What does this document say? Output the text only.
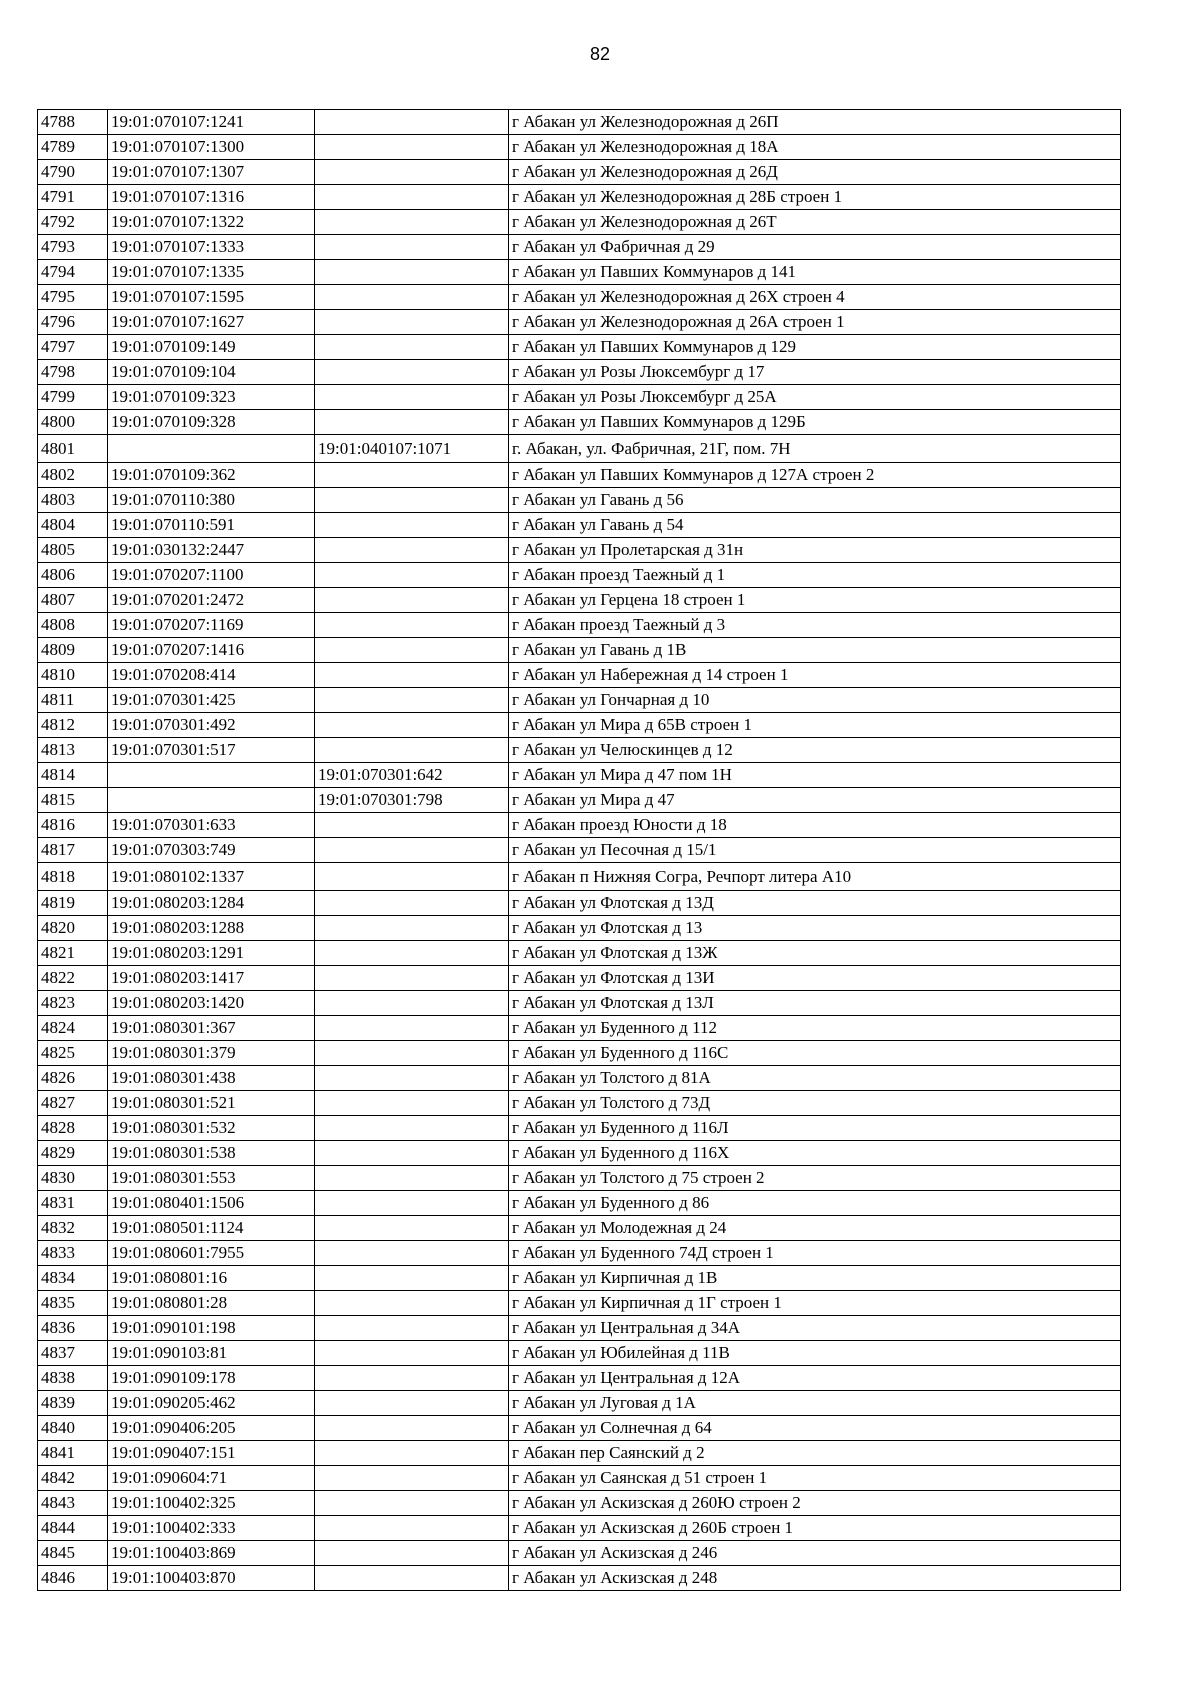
82
4788	19:01:070107:1241		г Абакан ул Железнодорожная д 26П
4789	19:01:070107:1300		г Абакан ул Железнодорожная д 18А
4790	19:01:070107:1307		г Абакан ул Железнодорожная д 26Д
4791	19:01:070107:1316		г Абакан ул Железнодорожная д 28Б строен 1
4792	19:01:070107:1322		г Абакан ул Железнодорожная д 26Т
4793	19:01:070107:1333		г Абакан ул Фабричная д 29
4794	19:01:070107:1335		г Абакан ул Павших Коммунаров д 141
4795	19:01:070107:1595		г Абакан ул Железнодорожная д 26Х строен 4
4796	19:01:070107:1627		г Абакан ул Железнодорожная д 26А строен 1
4797	19:01:070109:149		г Абакан ул Павших Коммунаров д 129
4798	19:01:070109:104		г Абакан ул Розы Люксембург д 17
4799	19:01:070109:323		г Абакан ул Розы Люксембург д 25А
4800	19:01:070109:328		г Абакан ул Павших Коммунаров д 129Б
4801		19:01:040107:1071	г. Абакан, ул. Фабричная, 21Г, пом. 7Н
4802	19:01:070109:362		г Абакан ул Павших Коммунаров д 127А строен 2
4803	19:01:070110:380		г Абакан ул Гавань д 56
4804	19:01:070110:591		г Абакан ул Гавань д 54
4805	19:01:030132:2447		г Абакан ул Пролетарская д 31н
4806	19:01:070207:1100		г Абакан проезд Таежный д 1
4807	19:01:070201:2472		г Абакан ул Герцена 18 строен 1
4808	19:01:070207:1169		г Абакан проезд Таежный д 3
4809	19:01:070207:1416		г Абакан ул Гавань д 1В
4810	19:01:070208:414		г Абакан ул Набережная д 14 строен 1
4811	19:01:070301:425		г Абакан ул Гончарная д 10
4812	19:01:070301:492		г Абакан ул Мира д 65В строен 1
4813	19:01:070301:517		г Абакан ул Челюскинцев д 12
4814		19:01:070301:642	г Абакан ул Мира д 47 пом 1Н
4815		19:01:070301:798	г Абакан ул Мира д 47
4816	19:01:070301:633		г Абакан проезд Юности д 18
4817	19:01:070303:749		г Абакан ул Песочная д 15/1
4818	19:01:080102:1337		г Абакан п Нижняя Согра, Речпорт литера А10
4819	19:01:080203:1284		г Абакан ул Флотская д 13Д
4820	19:01:080203:1288		г Абакан ул Флотская д 13
4821	19:01:080203:1291		г Абакан ул Флотская д 13Ж
4822	19:01:080203:1417		г Абакан ул Флотская д 13И
4823	19:01:080203:1420		г Абакан ул Флотская д 13Л
4824	19:01:080301:367		г Абакан ул Буденного д 112
4825	19:01:080301:379		г Абакан ул Буденного д 116С
4826	19:01:080301:438		г Абакан ул Толстого д 81А
4827	19:01:080301:521		г Абакан ул Толстого д 73Д
4828	19:01:080301:532		г Абакан ул Буденного д 116Л
4829	19:01:080301:538		г Абакан ул Буденного д 116Х
4830	19:01:080301:553		г Абакан ул Толстого д 75 строен 2
4831	19:01:080401:1506		г Абакан ул Буденного д 86
4832	19:01:080501:1124		г Абакан ул Молодежная д 24
4833	19:01:080601:7955		г Абакан ул Буденного 74Д строен 1
4834	19:01:080801:16		г Абакан ул Кирпичная д 1В
4835	19:01:080801:28		г Абакан ул Кирпичная д 1Г строен 1
4836	19:01:090101:198		г Абакан ул Центральная д 34А
4837	19:01:090103:81		г Абакан ул Юбилейная д 11В
4838	19:01:090109:178		г Абакан ул Центральная д 12А
4839	19:01:090205:462		г Абакан ул Луговая д 1А
4840	19:01:090406:205		г Абакан ул Солнечная д 64
4841	19:01:090407:151		г Абакан пер Саянский д 2
4842	19:01:090604:71		г Абакан ул Саянская д 51 строен 1
4843	19:01:100402:325		г Абакан ул Аскизская д 260Ю строен 2
4844	19:01:100402:333		г Абакан ул Аскизская д 260Б строен 1
4845	19:01:100403:869		г Абакан ул Аскизская д 246
4846	19:01:100403:870		г Абакан ул Аскизская д 248
